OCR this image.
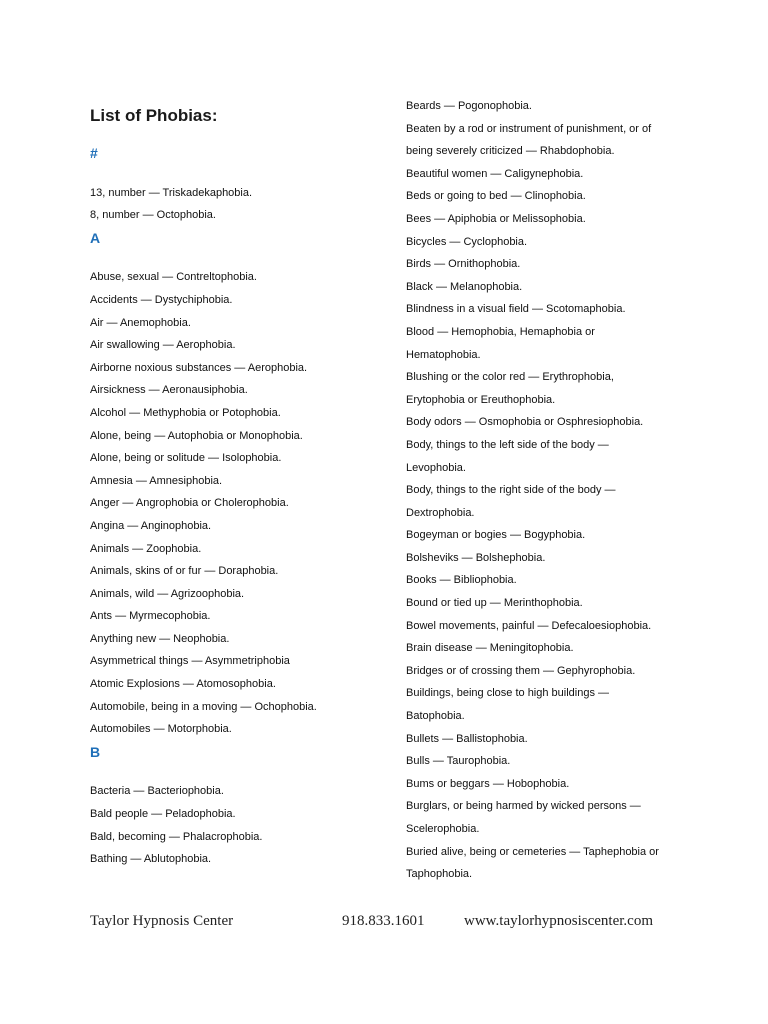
List of Phobias:
#
13, number — Triskadekaphobia.
8, number — Octophobia.
A
Abuse, sexual — Contreltophobia.
Accidents — Dystychiphobia.
Air — Anemophobia.
Air swallowing — Aerophobia.
Airborne noxious substances — Aerophobia.
Airsickness — Aeronausiphobia.
Alcohol — Methyphobia or Potophobia.
Alone, being — Autophobia or Monophobia.
Alone, being or solitude — Isolophobia.
Amnesia — Amnesiphobia.
Anger — Angrophobia or Cholerophobia.
Angina — Anginophobia.
Animals — Zoophobia.
Animals, skins of or fur — Doraphobia.
Animals, wild — Agrizoophobia.
Ants — Myrmecophobia.
Anything new — Neophobia.
Asymmetrical things — Asymmetriphobia
Atomic Explosions — Atomosophobia.
Automobile, being in a moving — Ochophobia.
Automobiles — Motorphobia.
B
Bacteria — Bacteriophobia.
Bald people — Peladophobia.
Bald, becoming — Phalacrophobia.
Bathing — Ablutophobia.
Beards — Pogonophobia.
Beaten by a rod or instrument of punishment, or of
being severely criticized — Rhabdophobia.
Beautiful women — Caligynephobia.
Beds or going to bed — Clinophobia.
Bees — Apiphobia or Melissophobia.
Bicycles — Cyclophobia.
Birds — Ornithophobia.
Black — Melanophobia.
Blindness in a visual field — Scotomaphobia.
Blood — Hemophobia, Hemaphobia or
Hematophobia.
Blushing or the color red — Erythrophobia,
Erytophobia or Ereuthophobia.
Body odors — Osmophobia or Osphresiophobia.
Body, things to the left side of the body —
Levophobia.
Body, things to the right side of the body —
Dextrophobia.
Bogeyman or bogies — Bogyphobia.
Bolsheviks — Bolshephobia.
Books — Bibliophobia.
Bound or tied up — Merinthophobia.
Bowel movements, painful — Defecaloesiophobia.
Brain disease — Meningitophobia.
Bridges or of crossing them — Gephyrophobia.
Buildings, being close to high buildings —
Batophobia.
Bullets — Ballistophobia.
Bulls — Taurophobia.
Bums or beggars — Hobophobia.
Burglars, or being harmed by wicked persons —
Scelerophobia.
Buried alive, being or cemeteries — Taphephobia or
Taphophobia.
Taylor Hypnosis Center	918.833.1601	www.taylorhypnosiscenter.com
